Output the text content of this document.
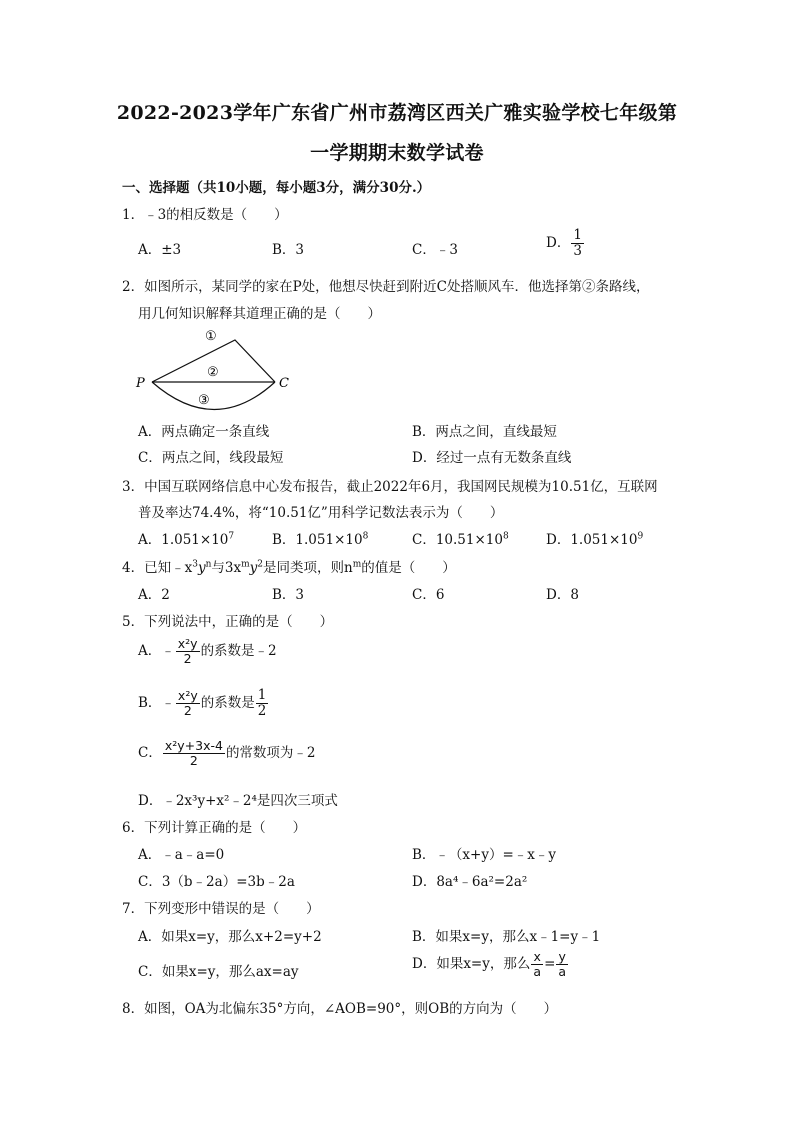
2022-2023学年广东省广州市荔湾区西关广雅实验学校七年级第
一学期期末数学试卷
一、选择题（共10小题，每小题3分，满分30分.）
1．﹣3的相反数是（　　）
A．±3	B．3	C．﹣3	D． $\frac{1}{3}$
2．如图所示，某同学的家在P处，他想尽快赶到附近C处搭顺风车．他选择第②条路线，
用几何知识解释其道理正确的是（　　）
P	C
①
②
③
A．两点确定一条直线	B．两点之间，直线最短
C．两点之间，线段最短	D．经过一点有无数条直线
3．中国互联网络信息中心发布报告，截止2022年6月，我国网民规模为10.51亿，互联网
普及率达74.4%，将“10.51亿”用科学记数法表示为（　　）
A．$1.051\times 10^7$	B．$1.051\times 10^8$	C．$10.51\times 10^8$	D．$1.051\times 10^9$
4．已知$﹣x^3y^n$与$3x^my^2$是同类项，则$n^m$的值是（　　）
A．2	B．3	C．6	D．8
5．下列说法中，正确的是（　　）
A．﹣ $\frac{\text{x²y}}{2}$ 的系数是﹣2
B．﹣ $\frac{\text{x²y}}{2}$ 的系数是 $\frac{1}{2}$
C． $\frac{\text{x²y+3x-4}}{2}$ 的常数项为﹣2
D．﹣2x³y+x²﹣2⁴是四次三项式
6．下列计算正确的是（　　）
A．﹣a﹣a=0	B．﹣（x+y）=﹣x﹣y
C．3（b﹣2a）=3b﹣2a	D．8a⁴﹣6a²=2a²
7．下列变形中错误的是（　　）
A．如果x=y，那么x+2=y+2	B．如果x=y，那么x﹣1=y﹣1
C．如果x=y，那么ax=ay
D．如果x=y，那么 $\frac{x}{a} = \frac{y}{a}$
8．如图，OA为北偏东35°方向，∠AOB=90°，则OB的方向为（　　）
